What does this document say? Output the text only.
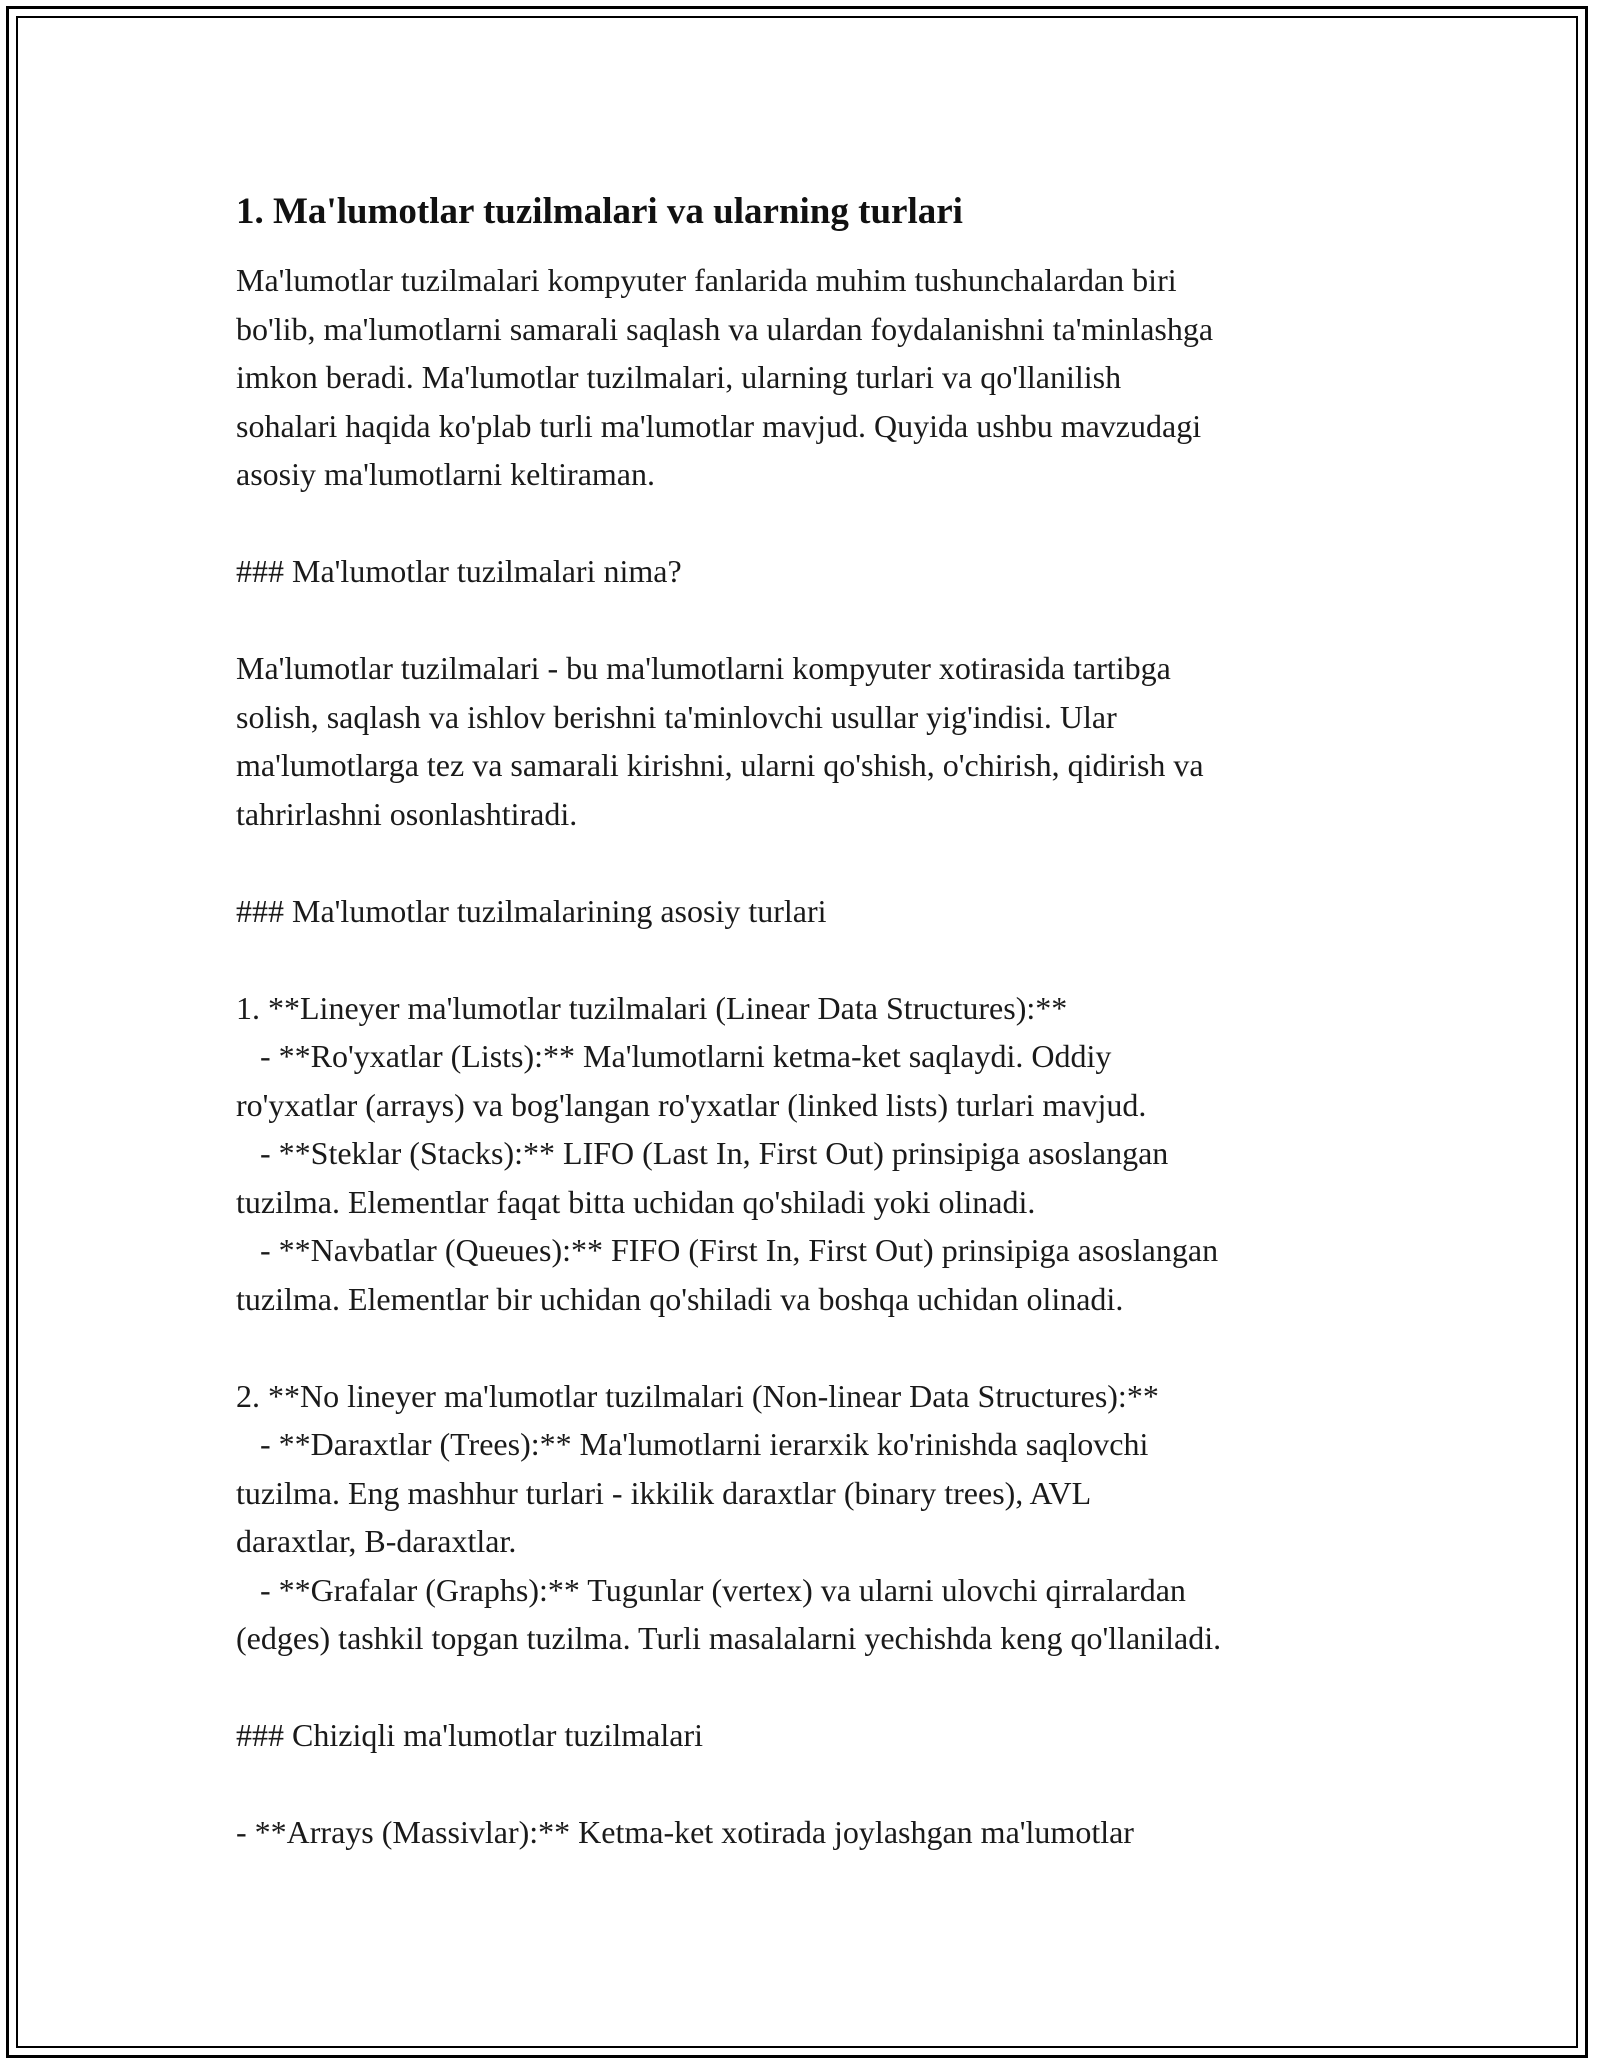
1. Ma'lumotlar tuzilmalari va ularning turlari

Ma'lumotlar tuzilmalari kompyuter fanlarida muhim tushunchalardan biri
bo'lib, ma'lumotlarni samarali saqlash va ulardan foydalanishni ta'minlashga
imkon beradi. Ma'lumotlar tuzilmalari, ularning turlari va qo'llanilish
sohalari haqida ko'plab turli ma'lumotlar mavjud. Quyida ushbu mavzudagi
asosiy ma'lumotlarni keltiraman.

### Ma'lumotlar tuzilmalari nima?

Ma'lumotlar tuzilmalari - bu ma'lumotlarni kompyuter xotirasida tartibga
solish, saqlash va ishlov berishni ta'minlovchi usullar yig'indisi. Ular
ma'lumotlarga tez va samarali kirishni, ularni qo'shish, o'chirish, qidirish va
tahrirlashni osonlashtiradi.

### Ma'lumotlar tuzilmalarining asosiy turlari

1. **Lineyer ma'lumotlar tuzilmalari (Linear Data Structures):**
- **Ro'yxatlar (Lists):** Ma'lumotlarni ketma-ket saqlaydi. Oddiy
ro'yxatlar (arrays) va bog'langan ro'yxatlar (linked lists) turlari mavjud.
- **Steklar (Stacks):** LIFO (Last In, First Out) prinsipiga asoslangan
tuzilma. Elementlar faqat bitta uchidan qo'shiladi yoki olinadi.
- **Navbatlar (Queues):** FIFO (First In, First Out) prinsipiga asoslangan
tuzilma. Elementlar bir uchidan qo'shiladi va boshqa uchidan olinadi.

2. **No lineyer ma'lumotlar tuzilmalari (Non-linear Data Structures):**
- **Daraxtlar (Trees):** Ma'lumotlarni ierarxik ko'rinishda saqlovchi
tuzilma. Eng mashhur turlari - ikkilik daraxtlar (binary trees), AVL
daraxtlar, B-daraxtlar.
- **Grafalar (Graphs):** Tugunlar (vertex) va ularni ulovchi qirralardan
(edges) tashkil topgan tuzilma. Turli masalalarni yechishda keng qo'llaniladi.

### Chiziqli ma'lumotlar tuzilmalari

- **Arrays (Massivlar):** Ketma-ket xotirada joylashgan ma'lumotlar
